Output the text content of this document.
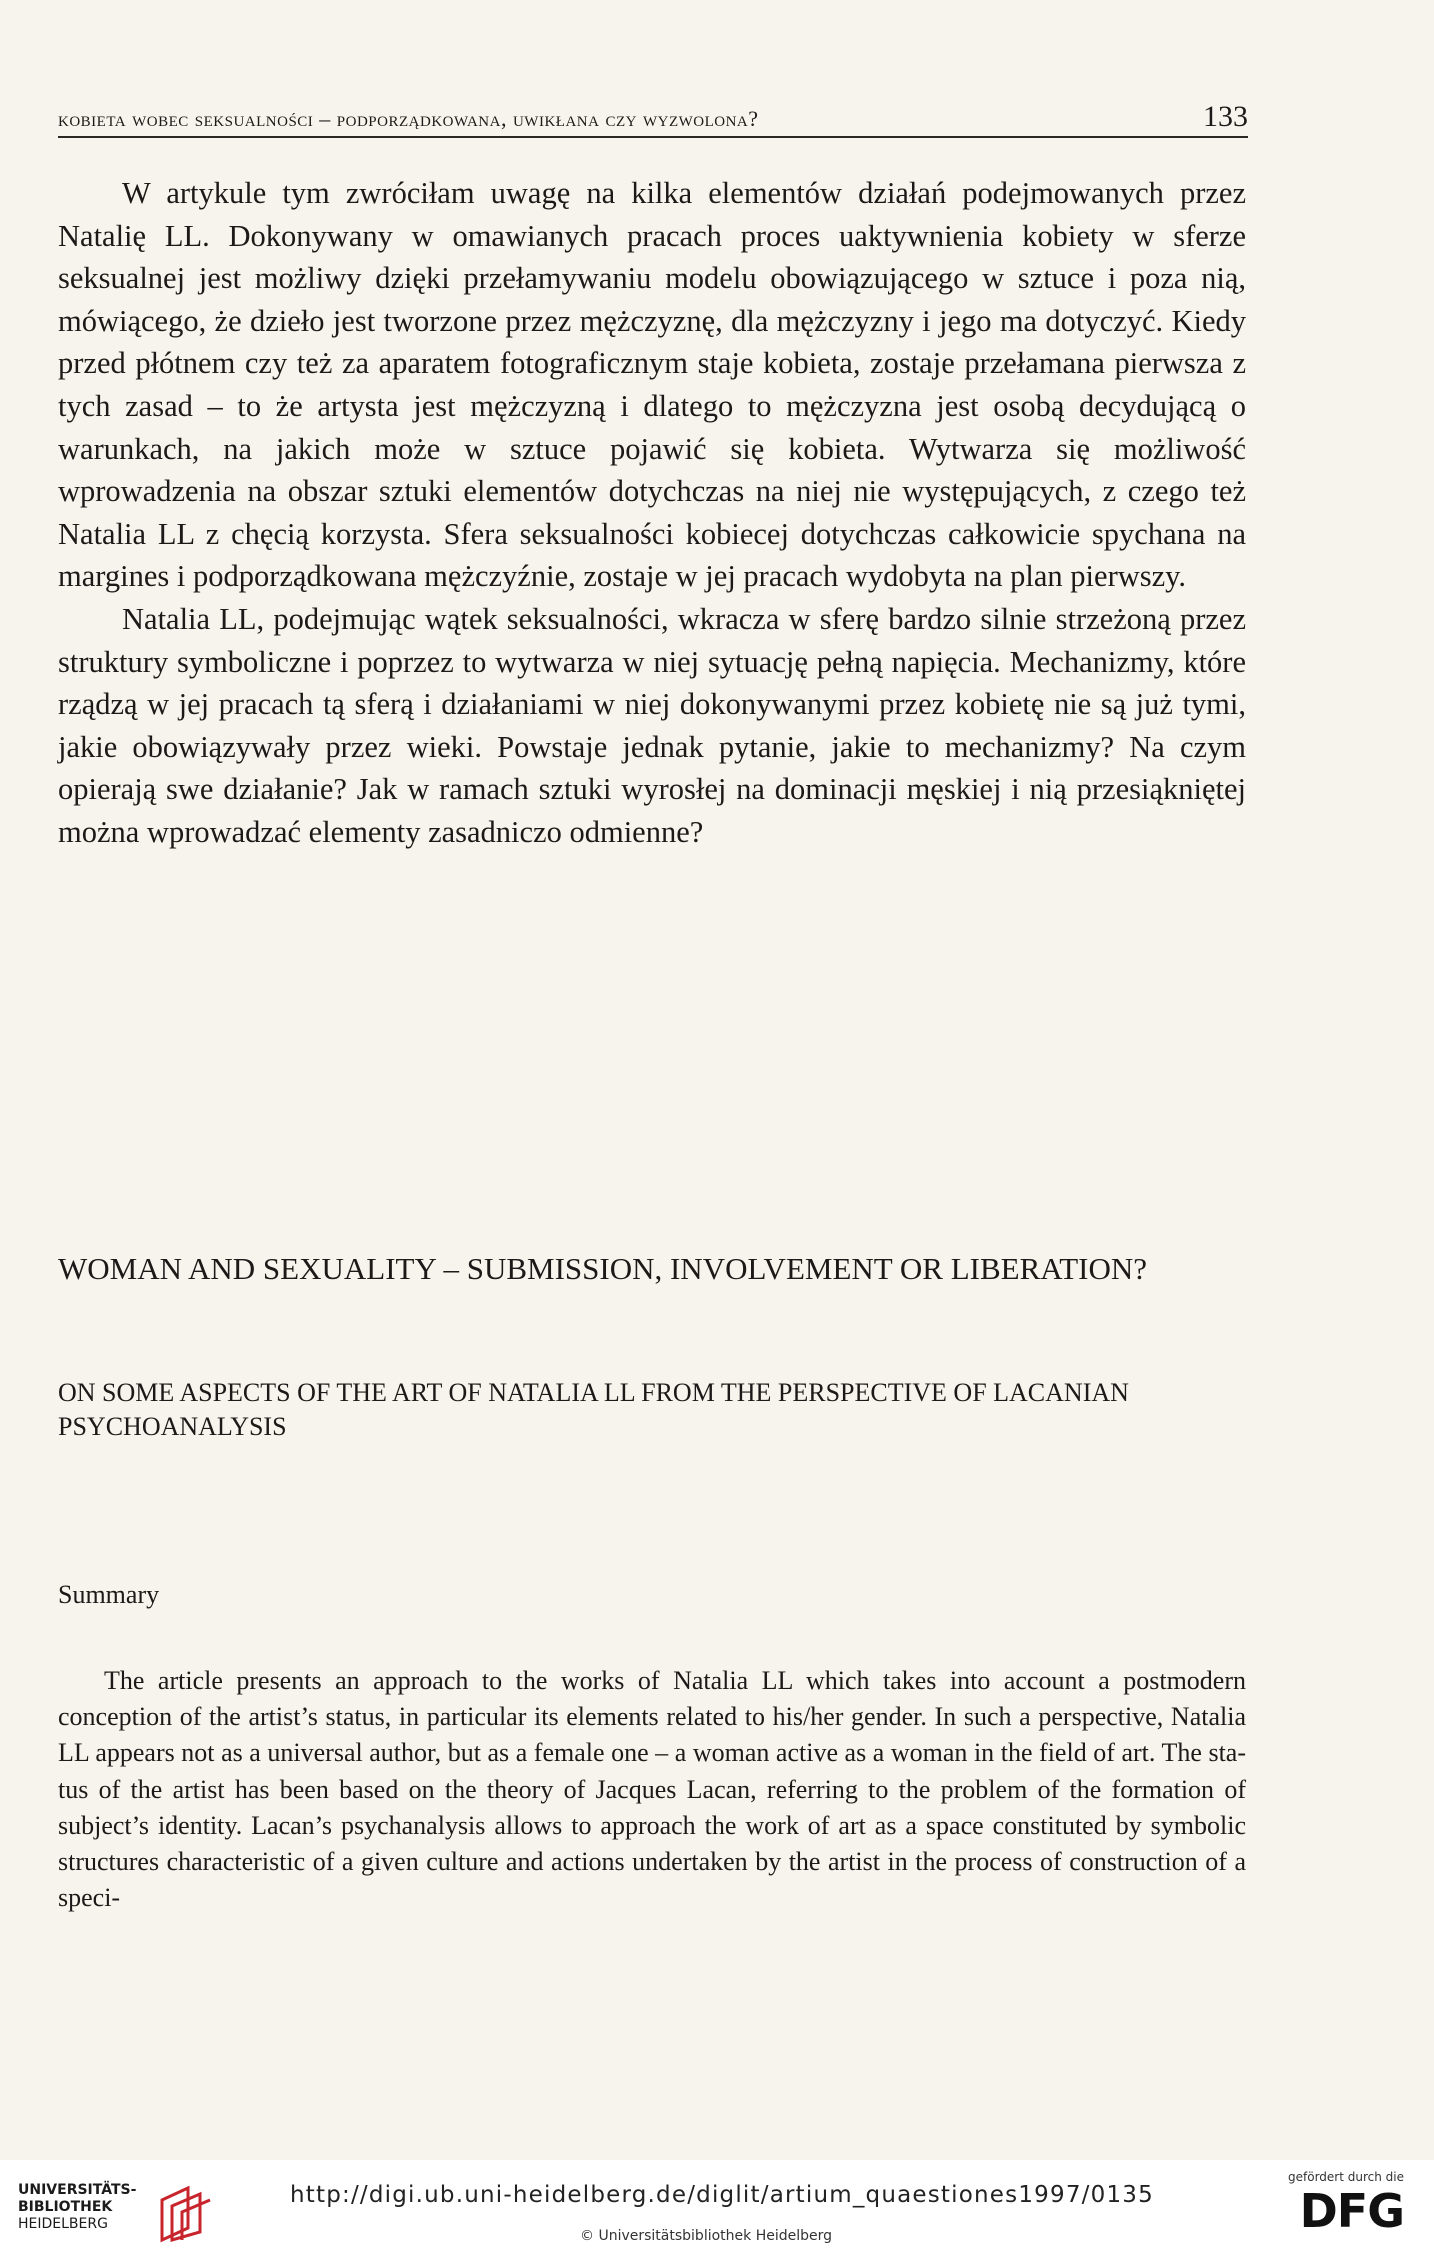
kobieta wobec seksualności – podporządkowana, uwikłana czy wyzwolona?	133

W artykule tym zwróciłam uwagę na kilka elementów działań podejmowanych przez Natalię LL. Dokonywany w omawianych pracach proces uaktywnienia kobiety w sferze seksualnej jest możliwy dzięki przełamywaniu modelu obowiązującego w sztuce i poza nią, mówiącego, że dzieło jest tworzone przez mężczyznę, dla mężczyzny i jego ma dotyczyć. Kiedy przed płótnem czy też za aparatem fotograficznym staje kobieta, zostaje przełamana pierwsza z tych zasad – to że artysta jest mężczyzną i dlatego to mężczyzna jest osobą decydującą o warunkach, na jakich może w sztuce pojawić się kobieta. Wytwarza się możliwość wprowadzenia na obszar sztuki elementów dotychczas na niej nie występujących, z czego też Natalia LL z chęcią korzysta. Sfera seksualności kobiecej dotychczas całkowicie spychana na margines i podporządkowana mężczyźnie, zostaje w jej pracach wydobyta na plan pierwszy.

Natalia LL, podejmując wątek seksualności, wkracza w sferę bardzo silnie strzeżoną przez struktury symboliczne i poprzez to wytwarza w niej sytuację pełną napięcia. Mechanizmy, które rządzą w jej pracach tą sferą i działaniami w niej dokonywanymi przez kobietę nie są już tymi, jakie obowiązywały przez wieki. Powstaje jednak pytanie, jakie to mechanizmy? Na czym opierają swe działanie? Jak w ramach sztuki wyrosłej na dominacji męskiej i nią przesiąkniętej można wprowadzać elementy zasadniczo odmienne?

WOMAN AND SEXUALITY – SUBMISSION, INVOLVEMENT OR LIBERATION?
ON SOME ASPECTS OF THE ART OF NATALIA LL FROM THE PERSPECTIVE OF LACANIAN PSYCHOANALYSIS
Summary

The article presents an approach to the works of Natalia LL which takes into account a postmodern conception of the artist’s status, in particular its elements related to his/her gender. In such a perspective, Natalia LL appears not as a universal author, but as a female one – a woman active as a woman in the field of art. The status of the artist has been based on the theory of Jacques Lacan, referring to the problem of the formation of subject’s identity. Lacan’s psychanalysis allows to approach the work of art as a space constituted by symbolic structures characteristic of a given culture and actions undertaken by the artist in the process of construction of a speci-

UNIVERSITÄTS-
BIBLIOTHEK
HEIDELBERG
http://digi.ub.uni-heidelberg.de/diglit/artium_quaestiones1997/0135
© Universitätsbibliothek Heidelberg
gefördert durch die
DFG
